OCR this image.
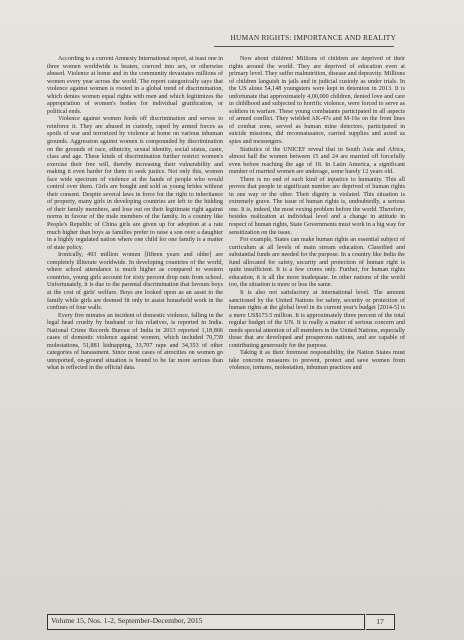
HUMAN RIGHTS: IMPORTANCE AND REALITY

According to a current Amnesty International report, at least one in three women worldwide is beaten, coerced into sex, or otherwise abused. Violence at home and in the community devastates millions of women every year across the world. The report categorically says that violence against women is rooted in a global trend of discrimination, which denies women equal rights with men and which legitimizes the appropriation of women's bodies for individual gratification, or political ends.

Violence against women feeds off discrimination and serves to reinforce it. They are abused in custody, raped by armed forces as spoils of war and terrorized by violence at home on various inhuman grounds. Aggression against women is compounded by discrimination on the grounds of race, ethnicity, sexual identity, social status, caste, class and age. These kinds of discrimination further restrict women's exercise their free will, thereby increasing their vulnerability and making it even harder for them to seek justice. Not only this, women face wide spectrum of violence at the hands of people who would control over them. Girls are bought and sold as young brides without their consent. Despite several laws in force for the right to inheritance of property, many girls in developing countries are left to the bidding of their family members, and lose out on their legitimate right against norms in favour of the male members of the family. In a country like People's Republic of China girls are given up for adoption at a rate much higher than boys as families prefer to raise a son over a daughter in a highly regulated nation where one child for one family is a matter of state policy.

Ironically, 493 million women [fifteen years and older] are completely illiterate worldwide. In developing countries of the world, where school attendance is much higher as compared to western countries, young girls account for sixty percent drop outs from school. Unfortunately, it is due to the parental discrimination that favours boys at the cost of girls' welfare. Boys are looked upon as an asset to the family while girls are deemed fit only to assist household work in the confines of four walls.

Every five minutes an incident of domestic violence, falling in the legal head cruelty by husband or his relatives, is reported in India. National Crime Records Bureau of India in 2013 reported 1,18,866 cases of domestic violence against women, which included 70,739 molestations, 51,881 kidnapping, 33,707 rape and 34,353 of other categories of harassment. Since most cases of atrocities on women go unreported, on-ground situation is bound to be far more serious than what is reflected in the official data.

Now about children! Millions of children are deprived of their rights around the world. They are deprived of education even at primary level. They suffer malnutrition, disease and depravity. Millions of children languish in jails and in judicial custody as under trials. In the US alone 54,148 youngsters were kept in detention in 2013. It is unfortunate that approximately 4,00,000 children, denied love and care in childhood and subjected to horrific violence, were forced to serve as soldiers in warfare. These young combatants participated in all aspects of armed conflict. They wielded AK-47s and M-16s on the front lines of combat zone, served as human mine detectors, participated in suicide missions, did reconnaissance, carried supplies and acted as spies and messengers.

Statistics of the UNICEF reveal that in South Asia and Africa, almost half the women between 15 and 24 are married off forcefully even before reaching the age of 18. In Latin America, a significant number of married women are underage, some barely 12 years old.

There is no end of such kind of injustice to humanity. This all proves that people in significant number are deprived of human rights in one way or the other. Their dignity is violated. This situation is extremely grave. The issue of human rights is, undoubtedly, a serious one. It is, indeed, the most vexing problem before the world. Therefore, besides realization at individual level and a change in attitude in respect of human rights, State Governments must work in a big way for sensitization on the issue.

For example, States can make human rights an essential subject of curriculum at all levels of main stream education. Classified and substantial funds are needed for the purpose. In a country like India the fund allocated for safety, security and protection of human right is quite insufficient. It is a few crores only. Further, for human rights education, it is all the more inadequate. In other nations of the world too, the situation is more or less the same.

It is also not satisfactory at international level. The amount sanctioned by the United Nations for safety, security or protection of human rights at the global level in its current year's budget [2014-5] is a mere US$173.5 million. It is approximately three percent of the total regular budget of the UN. It is really a matter of serious concern and needs special attention of all members in the United Nations, especially those that are developed and prosperous nations, and are capable of contributing generously for the purpose.

Taking it as their foremost responsibility, the Nation States must take concrete measures to prevent, protect and save women from violence, tortures, molestation, inhuman practices and

Volume 15, Nos. 1-2, September-December, 2015	17
